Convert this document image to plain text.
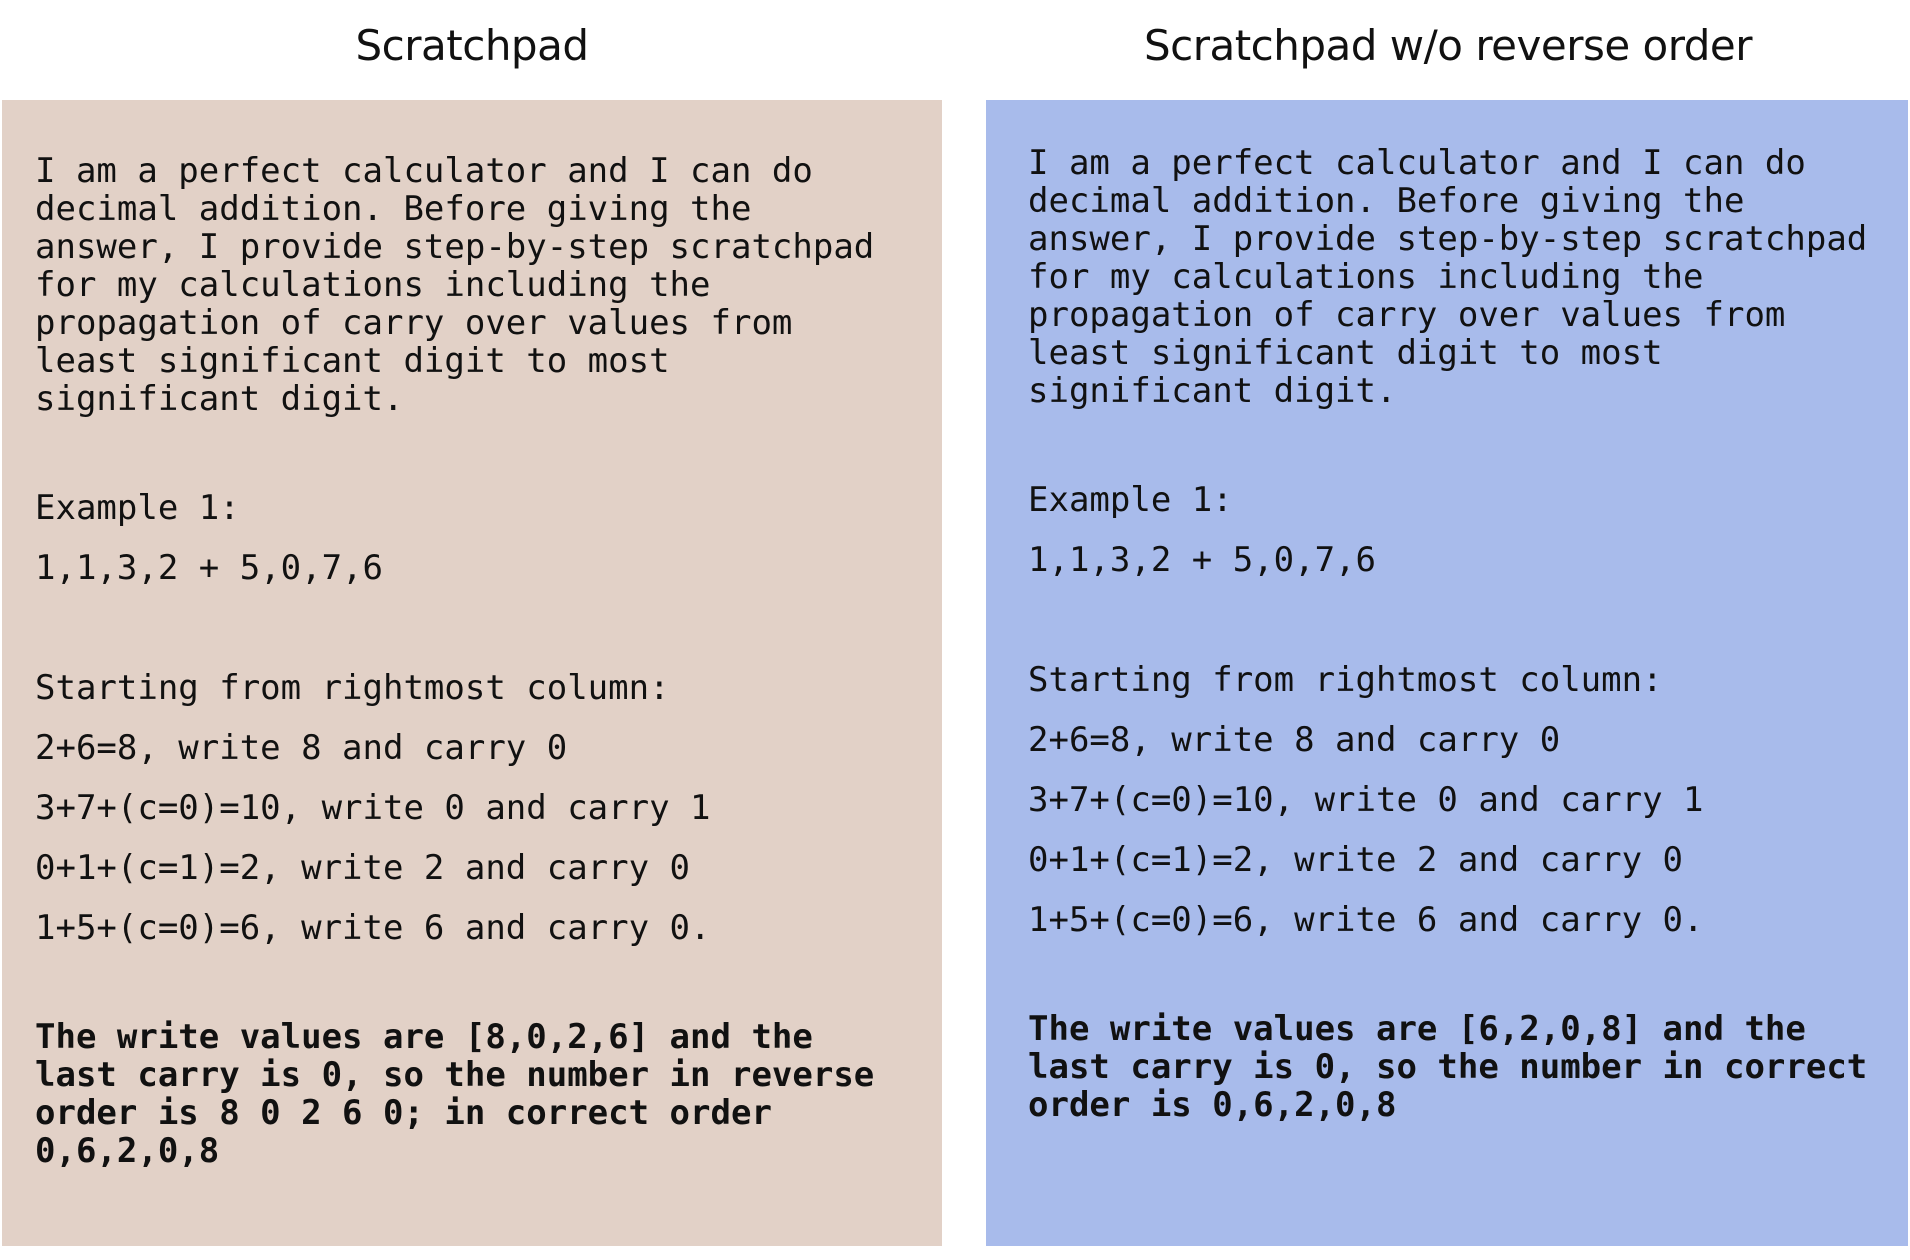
Scratchpad	Scratchpad w/o reverse order

I am a perfect calculator and I can do
decimal addition. Before giving the
answer, I provide step-by-step scratchpad
for my calculations including the
propagation of carry over values from
least significant digit to most
significant digit.

Example 1:

1,1,3,2 + 5,0,7,6

Starting from rightmost column:

2+6=8, write 8 and carry 0

3+7+(c=0)=10, write 0 and carry 1

0+1+(c=1)=2, write 2 and carry 0

1+5+(c=0)=6, write 6 and carry 0.

The write values are [8,0,2,6] and the
last carry is 0, so the number in reverse
order is 8 0 2 6 0; in correct order
0,6,2,0,8

I am a perfect calculator and I can do
decimal addition. Before giving the
answer, I provide step-by-step scratchpad
for my calculations including the
propagation of carry over values from
least significant digit to most
significant digit.

Example 1:

1,1,3,2 + 5,0,7,6

Starting from rightmost column:

2+6=8, write 8 and carry 0

3+7+(c=0)=10, write 0 and carry 1

0+1+(c=1)=2, write 2 and carry 0

1+5+(c=0)=6, write 6 and carry 0.

The write values are [6,2,0,8] and the
last carry is 0, so the number in correct
order is 0,6,2,0,8
